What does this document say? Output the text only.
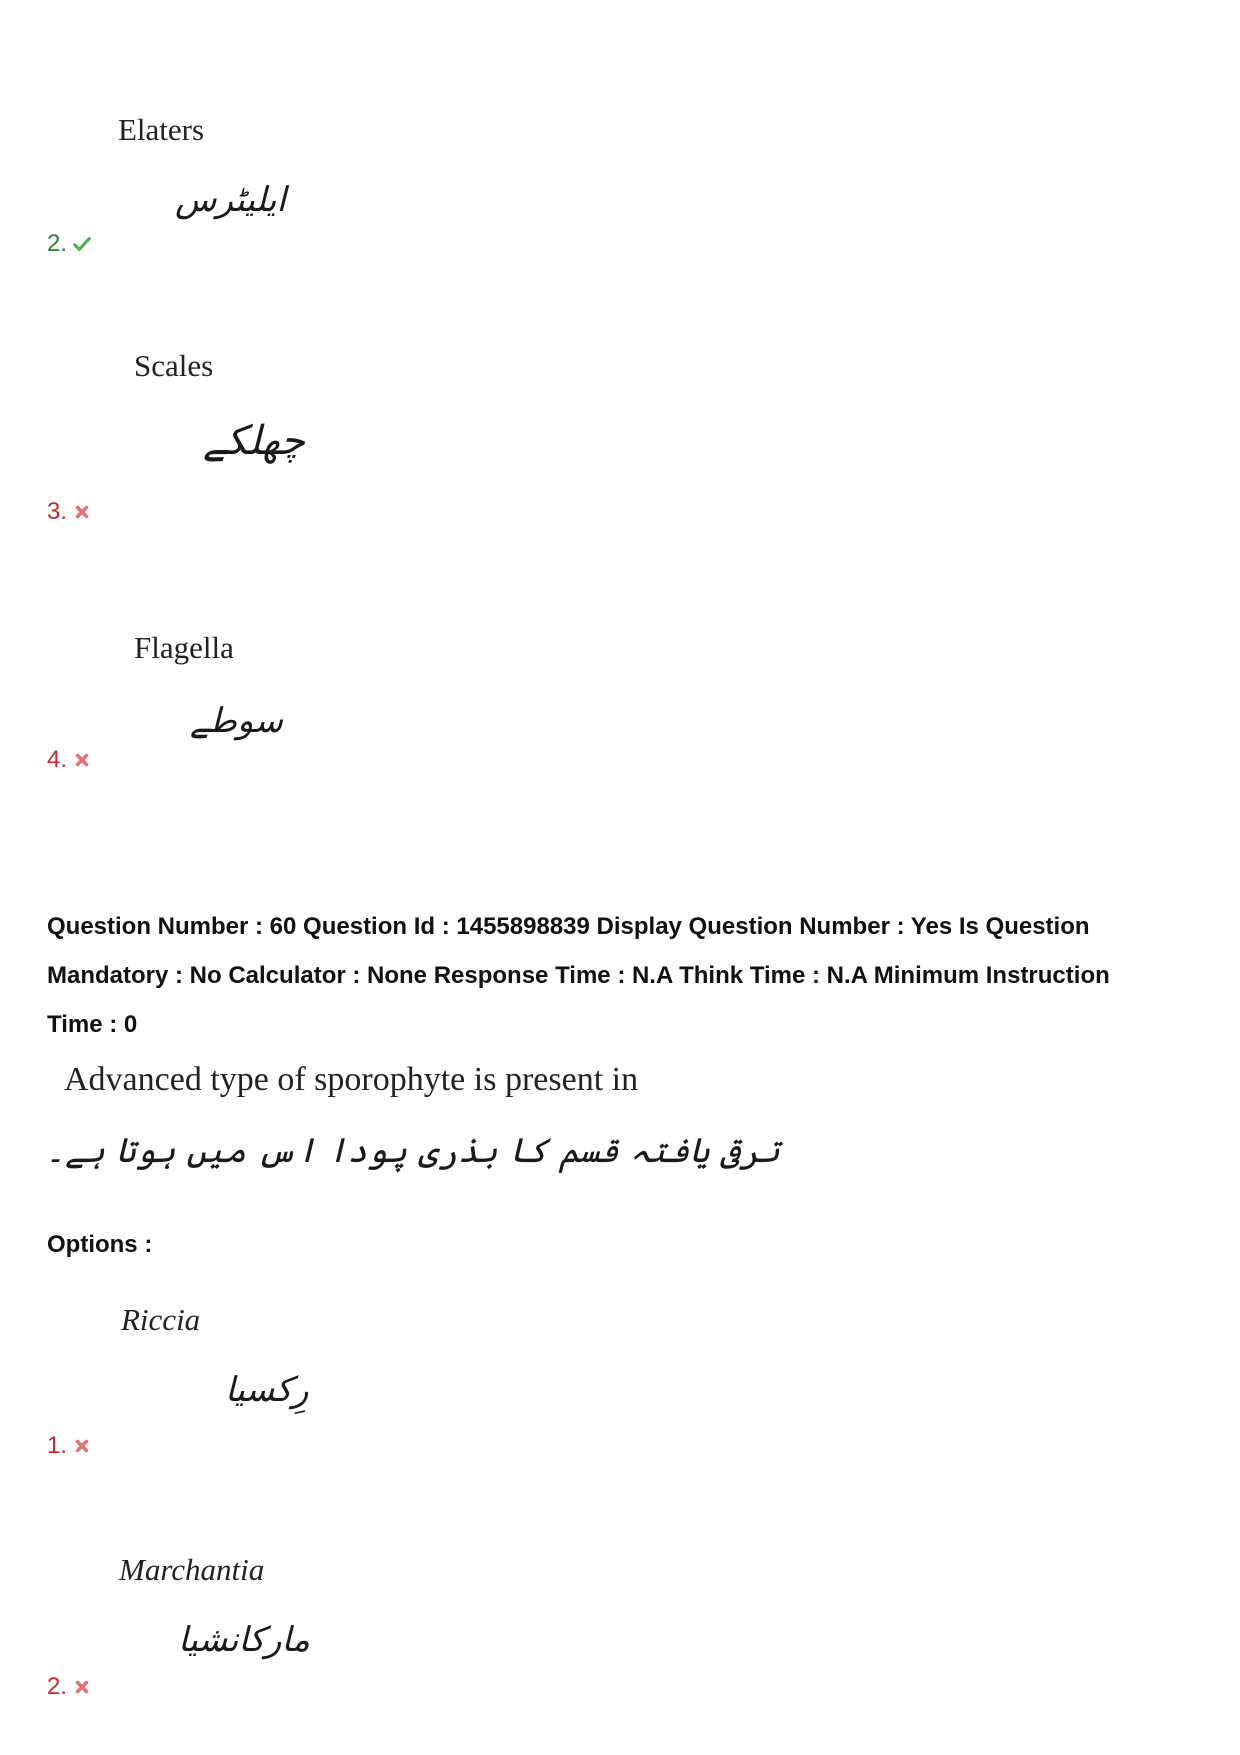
Elaters
ایلیٹرس
2.
Scales
چھلکے
3.
Flagella
سوطے
4.
Question Number : 60 Question Id : 1455898839 Display Question Number : Yes Is Question
Mandatory : No Calculator : None Response Time : N.A Think Time : N.A Minimum Instruction
Time : 0
Advanced type of sporophyte is present in
ترقی یافتہ قسم کا بذری پودا اس میں ہوتا ہے۔
Options :
Riccia
رِکسیا
1.
Marchantia
مارکانشیا
2.
